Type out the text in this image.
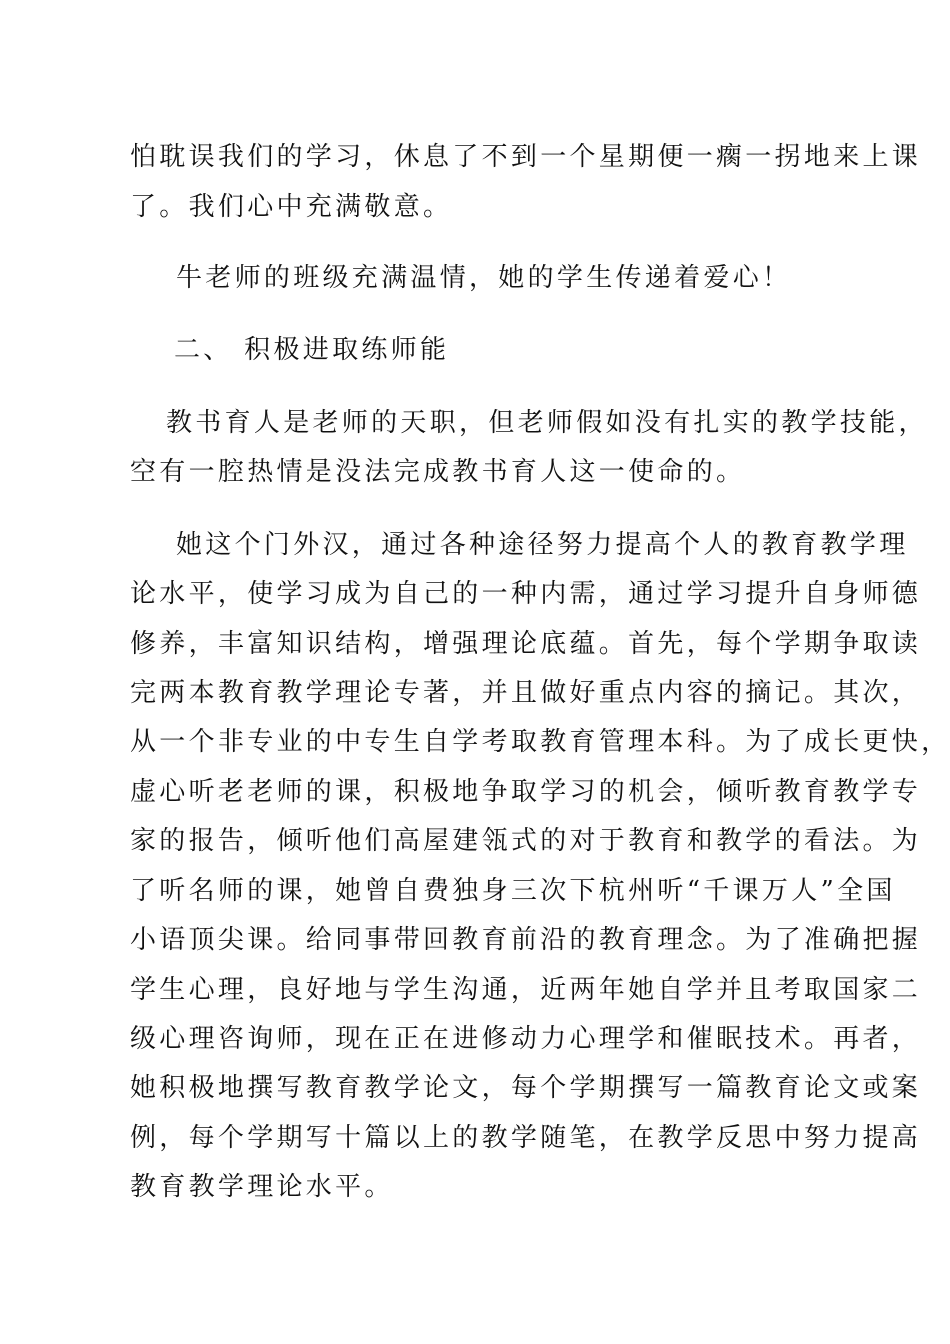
怕耽误我们的学习，休息了不到一个星期便一瘸一拐地来上课
了。我们心中充满敬意。
牛老师的班级充满温情，她的学生传递着爱心！
二、 积极进取练师能
教书育人是老师的天职，但老师假如没有扎实的教学技能，
空有一腔热情是没法完成教书育人这一使命的。
她这个门外汉，通过各种途径努力提高个人的教育教学理
论水平，使学习成为自己的一种内需，通过学习提升自身师德
修养，丰富知识结构，增强理论底蕴。首先，每个学期争取读
完两本教育教学理论专著，并且做好重点内容的摘记。其次，
从一个非专业的中专生自学考取教育管理本科。为了成长更快，
虚心听老老师的课，积极地争取学习的机会，倾听教育教学专
家的报告，倾听他们高屋建瓴式的对于教育和教学的看法。为
了听名师的课，她曾自费独身三次下杭州听“千课万人”全国
小语顶尖课。给同事带回教育前沿的教育理念。为了准确把握
学生心理，良好地与学生沟通，近两年她自学并且考取国家二
级心理咨询师，现在正在进修动力心理学和催眠技术。再者，
她积极地撰写教育教学论文，每个学期撰写一篇教育论文或案
例，每个学期写十篇以上的教学随笔，在教学反思中努力提高
教育教学理论水平。
